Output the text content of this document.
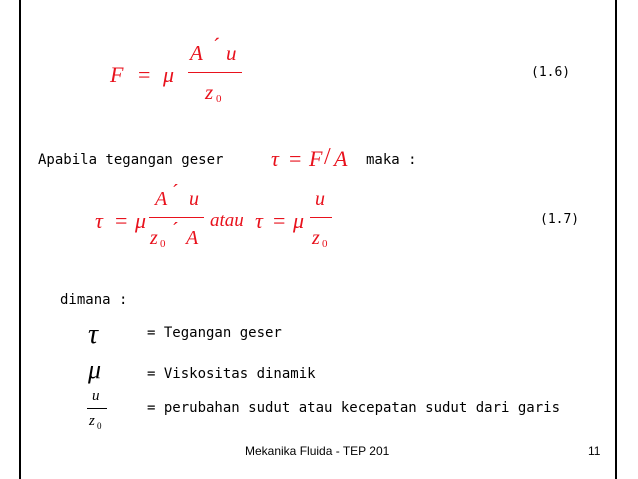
F = μ
A ´ u
z 0
(1.6)
Apabila tegangan geser τ = F / A maka :
τ = μ
A ´ u
z 0
´ A
atau τ = μ
u
z 0
(1.7)
dimana :
τ	= Tegangan geser
μ	= Viskositas dinamik
u
z 0
= perubahan sudut atau kecepatan sudut dari garis
Mekanika Fluida - TEP 201	11
